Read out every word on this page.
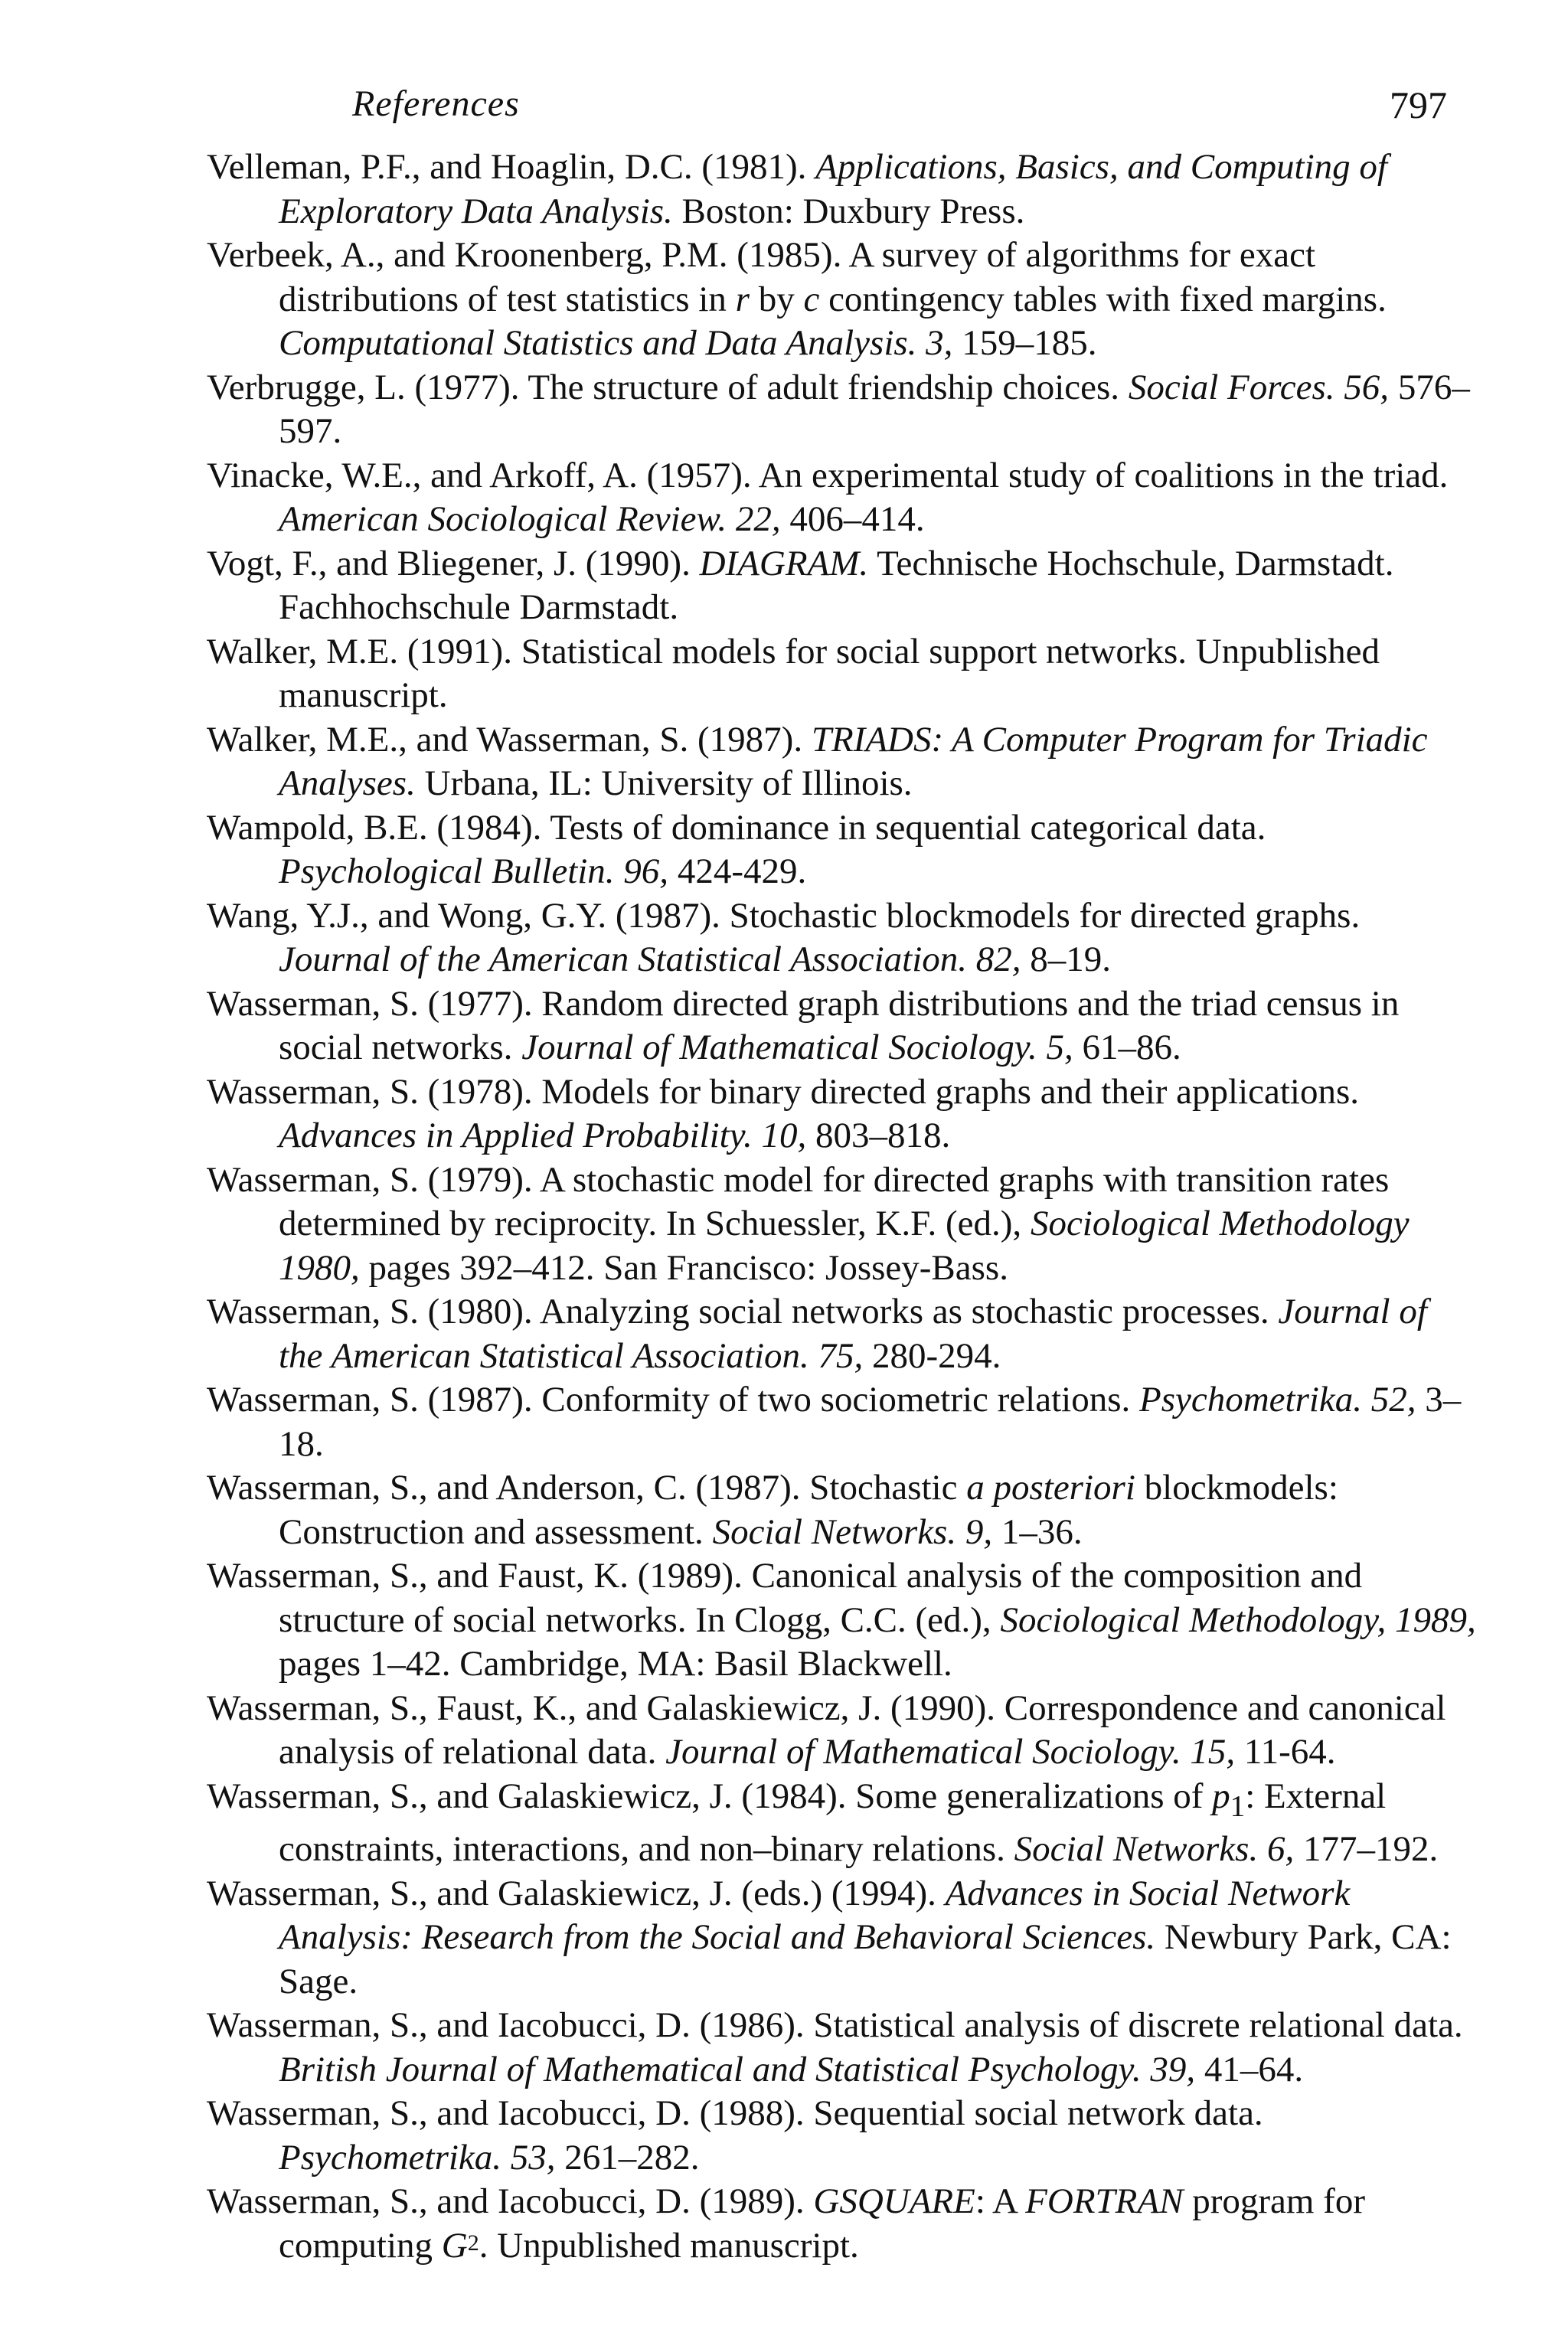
References	797

Velleman, P.F., and Hoaglin, D.C. (1981). Applications, Basics, and Computing of Exploratory Data Analysis. Boston: Duxbury Press.

Verbeek, A., and Kroonenberg, P.M. (1985). A survey of algorithms for exact distributions of test statistics in r by c contingency tables with fixed margins. Computational Statistics and Data Analysis. 3, 159–185.

Verbrugge, L. (1977). The structure of adult friendship choices. Social Forces. 56, 576–597.

Vinacke, W.E., and Arkoff, A. (1957). An experimental study of coalitions in the triad. American Sociological Review. 22, 406–414.

Vogt, F., and Bliegener, J. (1990). DIAGRAM. Technische Hochschule, Darmstadt. Fachhochschule Darmstadt.

Walker, M.E. (1991). Statistical models for social support networks. Unpublished manuscript.

Walker, M.E., and Wasserman, S. (1987). TRIADS: A Computer Program for Triadic Analyses. Urbana, IL: University of Illinois.

Wampold, B.E. (1984). Tests of dominance in sequential categorical data. Psychological Bulletin. 96, 424-429.

Wang, Y.J., and Wong, G.Y. (1987). Stochastic blockmodels for directed graphs. Journal of the American Statistical Association. 82, 8–19.

Wasserman, S. (1977). Random directed graph distributions and the triad census in social networks. Journal of Mathematical Sociology. 5, 61–86.

Wasserman, S. (1978). Models for binary directed graphs and their applications. Advances in Applied Probability. 10, 803–818.

Wasserman, S. (1979). A stochastic model for directed graphs with transition rates determined by reciprocity. In Schuessler, K.F. (ed.), Sociological Methodology 1980, pages 392–412. San Francisco: Jossey-Bass.

Wasserman, S. (1980). Analyzing social networks as stochastic processes. Journal of the American Statistical Association. 75, 280-294.

Wasserman, S. (1987). Conformity of two sociometric relations. Psychometrika. 52, 3–18.

Wasserman, S., and Anderson, C. (1987). Stochastic a posteriori blockmodels: Construction and assessment. Social Networks. 9, 1–36.

Wasserman, S., and Faust, K. (1989). Canonical analysis of the composition and structure of social networks. In Clogg, C.C. (ed.), Sociological Methodology, 1989, pages 1–42. Cambridge, MA: Basil Blackwell.

Wasserman, S., Faust, K., and Galaskiewicz, J. (1990). Correspondence and canonical analysis of relational data. Journal of Mathematical Sociology. 15, 11-64.

Wasserman, S., and Galaskiewicz, J. (1984). Some generalizations of $p_1$: External constraints, interactions, and non–binary relations. Social Networks. 6, 177–192.

Wasserman, S., and Galaskiewicz, J. (eds.) (1994). Advances in Social Network Analysis: Research from the Social and Behavioral Sciences. Newbury Park, CA: Sage.

Wasserman, S., and Iacobucci, D. (1986). Statistical analysis of discrete relational data. British Journal of Mathematical and Statistical Psychology. 39, 41–64.

Wasserman, S., and Iacobucci, D. (1988). Sequential social network data. Psychometrika. 53, 261–282.

Wasserman, S., and Iacobucci, D. (1989). GSQUARE: A FORTRAN program for computing $G^2$. Unpublished manuscript.
